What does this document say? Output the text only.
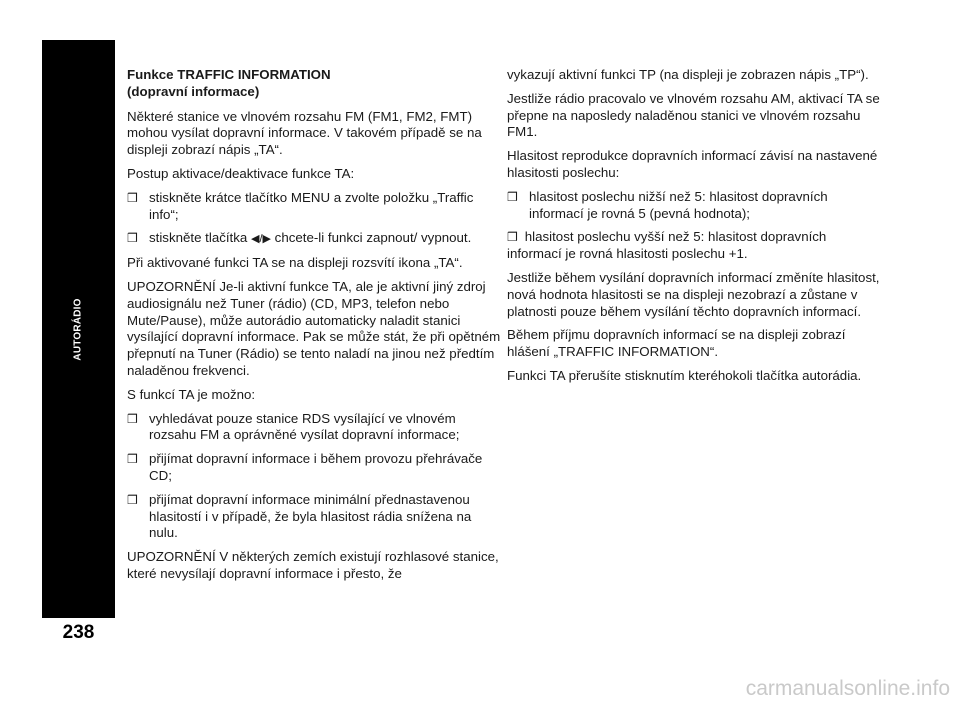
AUTORÁDIO
238
Funkce TRAFFIC INFORMATION
(dopravní informace)

Některé stanice ve vlnovém rozsahu FM (FM1, FM2, FMT) mohou vysílat dopravní informace. V takovém případě se na displeji zobrazí nápis „TA“.

Postup aktivace/deaktivace funkce TA:

❒ stiskněte krátce tlačítko MENU a zvolte položku „Traffic info“;
❒ stiskněte tlačítka ◀/▶ chcete-li funkci zapnout/ vypnout.

Při aktivované funkci TA se na displeji rozsvítí ikona „TA“.

UPOZORNĚNÍ Je-li aktivní funkce TA, ale je aktivní jiný zdroj audiosignálu než Tuner (rádio) (CD, MP3, telefon nebo Mute/Pause), může autorádio automaticky naladit stanici vysílající dopravní informace. Pak se může stát, že při opětném přepnutí na Tuner (Rádio) se tento naladí na jinou než předtím naladěnou frekvenci.

S funkcí TA je možno:

❒ vyhledávat pouze stanice RDS vysílající ve vlnovém rozsahu FM a oprávněné vysílat dopravní informace;
❒ přijímat dopravní informace i během provozu přehrávače CD;
❒ přijímat dopravní informace minimální přednastavenou hlasitostí i v případě, že byla hlasitost rádia snížena na nulu.

UPOZORNĚNÍ V některých zemích existují rozhlasové stanice, které nevysílají dopravní informace i přesto, že

vykazují aktivní funkci TP (na displeji je zobrazen nápis „TP“).

Jestliže rádio pracovalo ve vlnovém rozsahu AM, aktivací TA se přepne na naposledy naladěnou stanici ve vlnovém rozsahu FM1.

Hlasitost reprodukce dopravních informací závisí na nastavené hlasitosti poslechu:

❒ hlasitost poslechu nižší než 5: hlasitost dopravních informací je rovná 5 (pevná hodnota);
❒ hlasitost poslechu vyšší než 5: hlasitost dopravních informací je rovná hlasitosti poslechu +1.

Jestliže během vysílání dopravních informací změníte hlasitost, nová hodnota hlasitosti se na displeji nezobrazí a zůstane v platnosti pouze během vysílání těchto dopravních informací.

Během příjmu dopravních informací se na displeji zobrazí hlášení „TRAFFIC INFORMATION“.

Funkci TA přerušíte stisknutím kteréhokoli tlačítka autorádia.

carmanualsonline.info
